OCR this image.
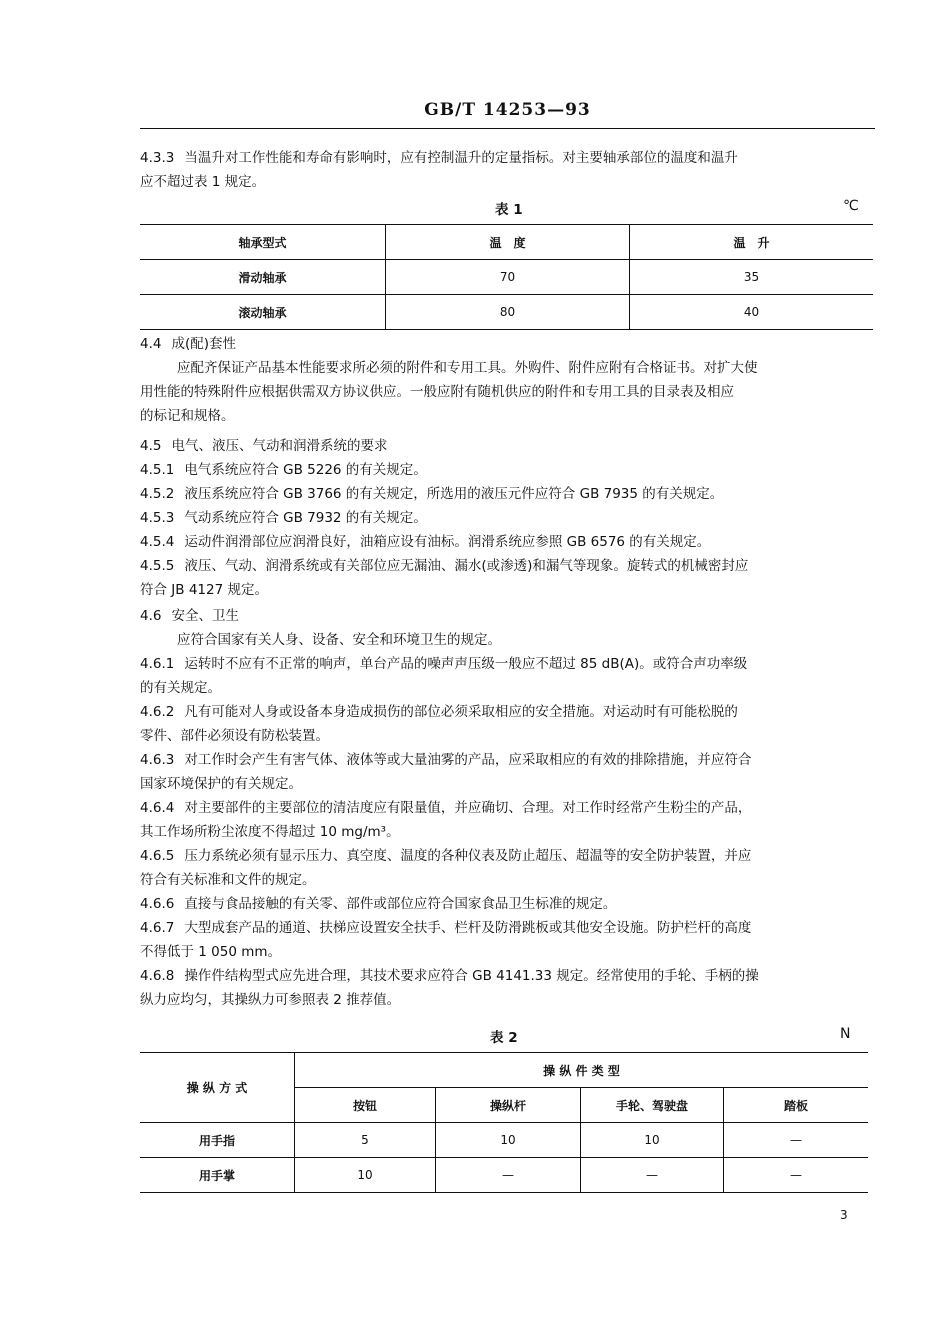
GB/T 14253—93
4.3.3 当温升对工作性能和寿命有影响时，应有控制温升的定量指标。对主要轴承部位的温度和温升
应不超过表 1 规定。
表 1	℃
轴承型式	温　度	温　升
滑动轴承	70	35
滚动轴承	80	40
4.4 成(配)套性
应配齐保证产品基本性能要求所必须的附件和专用工具。外购件、附件应附有合格证书。对扩大使
用性能的特殊附件应根据供需双方协议供应。一般应附有随机供应的附件和专用工具的目录表及相应
的标记和规格。
4.5 电气、液压、气动和润滑系统的要求
4.5.1 电气系统应符合 GB 5226 的有关规定。
4.5.2 液压系统应符合 GB 3766 的有关规定，所选用的液压元件应符合 GB 7935 的有关规定。
4.5.3 气动系统应符合 GB 7932 的有关规定。
4.5.4 运动件润滑部位应润滑良好，油箱应设有油标。润滑系统应参照 GB 6576 的有关规定。
4.5.5 液压、气动、润滑系统或有关部位应无漏油、漏水(或渗透)和漏气等现象。旋转式的机械密封应
符合 JB 4127 规定。
4.6 安全、卫生
应符合国家有关人身、设备、安全和环境卫生的规定。
4.6.1 运转时不应有不正常的响声，单台产品的噪声声压级一般应不超过 85 dB(A)。或符合声功率级
的有关规定。
4.6.2 凡有可能对人身或设备本身造成损伤的部位必须采取相应的安全措施。对运动时有可能松脱的
零件、部件必须设有防松装置。
4.6.3 对工作时会产生有害气体、液体等或大量油雾的产品，应采取相应的有效的排除措施，并应符合
国家环境保护的有关规定。
4.6.4 对主要部件的主要部位的清洁度应有限量值，并应确切、合理。对工作时经常产生粉尘的产品，
其工作场所粉尘浓度不得超过 10 mg/m³。
4.6.5 压力系统必须有显示压力、真空度、温度的各种仪表及防止超压、超温等的安全防护装置，并应
符合有关标准和文件的规定。
4.6.6 直接与食品接触的有关零、部件或部位应符合国家食品卫生标准的规定。
4.6.7 大型成套产品的通道、扶梯应设置安全扶手、栏杆及防滑跳板或其他安全设施。防护栏杆的高度
不得低于 1 050 mm。
4.6.8 操作件结构型式应先进合理，其技术要求应符合 GB 4141.33 规定。经常使用的手轮、手柄的操
纵力应均匀，其操纵力可参照表 2 推荐值。
表 2	N
操 纵 方 式	操 纵 件 类 型			
	按钮	操纵杆	手轮、驾驶盘	踏板
用手指	5	10	10	—
用手掌	10	—	—	—
3
